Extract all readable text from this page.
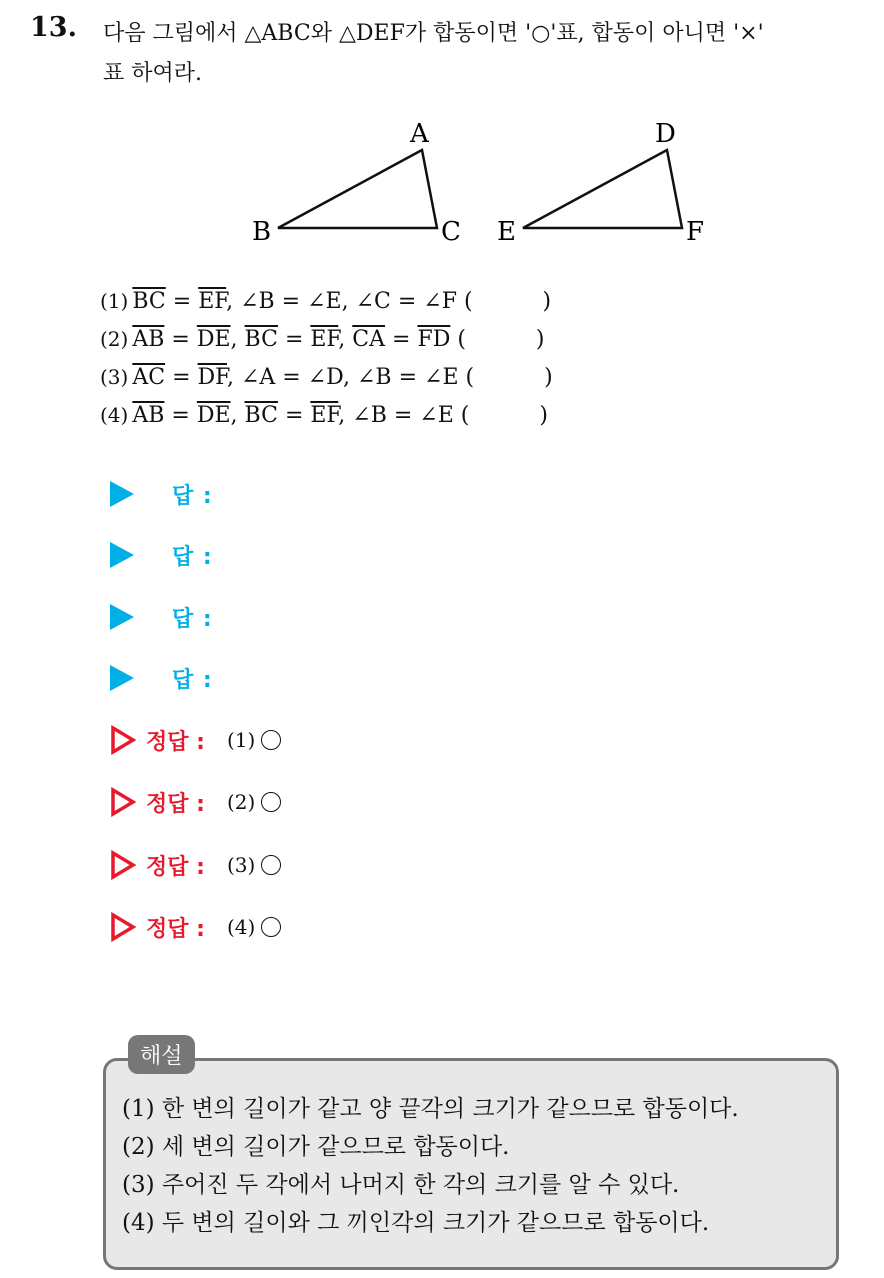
13. 다음 그림에서 △ABC와 △DEF가 합동이면 '○'표, 합동이 아니면 '×'
표 하여라.
A
B	C
D
E	F
(1) $\overline{BC} = \overline{EF}$, ∠B = ∠E, ∠C = ∠F (	)
(2) $\overline{AB} = \overline{DE}$, $\overline{BC} = \overline{EF}$, $\overline{CA} = \overline{FD}$ (	)
(3) $\overline{AC} = \overline{DF}$, ∠A = ∠D, ∠B = ∠E (	)
(4) $\overline{AB} = \overline{DE}$, $\overline{BC} = \overline{EF}$, ∠B = ∠E (	)
답 :
답 :
답 :
답 :
정답 : (1)
정답 : (2)
정답 : (3)
정답 : (4)
해설
(1) 한 변의 길이가 같고 양 끝각의 크기가 같으므로 합동이다.
(2) 세 변의 길이가 같으므로 합동이다.
(3) 주어진 두 각에서 나머지 한 각의 크기를 알 수 있다.
(4) 두 변의 길이와 그 끼인각의 크기가 같으므로 합동이다.
